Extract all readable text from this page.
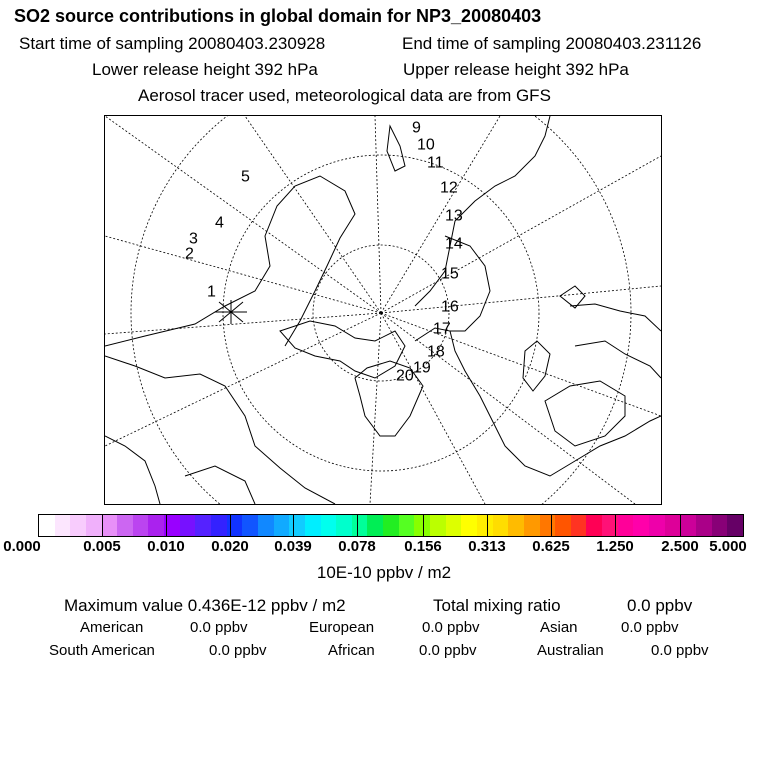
SO2 source contributions in global domain for NP3_20080403
Start time of sampling 20080403.230928	End time of sampling 20080403.231126
Lower release height 392 hPa	Upper release height 392 hPa
Aerosol tracer used, meteorological data are from GFS
1
2
3
4
5
9
10
11
12
13
14
15
16
17
18
19
20
0.000	0.005 0.010 0.020 0.039 0.078 0.156 0.313 0.625 1.250 2.500 5.000
10E-10 ppbv / m2
Maximum value 0.436E-12 ppbv / m2	Total mixing ratio	0.0 ppbv
American	0.0 ppbv	European	0.0 ppbv	Asian	0.0 ppbv
South American	0.0 ppbv	African	0.0 ppbv	Australian	0.0 ppbv
